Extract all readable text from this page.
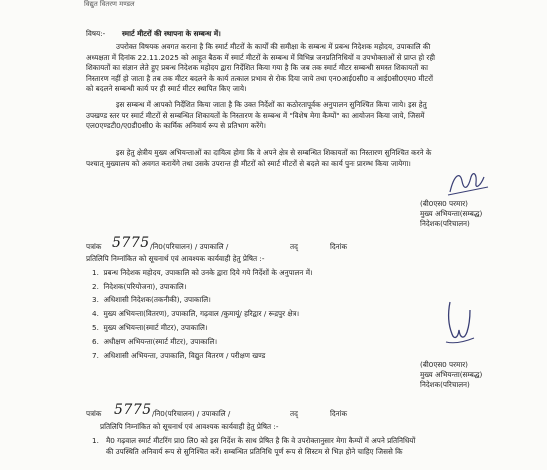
विद्युत वितरण मण्डल
विषय:- स्मार्ट मीटरों की स्थापना के सम्बन्ध में।
उपरोक्त विषयक अवगत कराना है कि स्मार्ट मीटरों के कार्यों की समीक्षा के सम्बन्ध में प्रबन्ध निदेशक महोदय, उपाकालि की
अध्यक्षता में दिनांक 22.11.2025 को आहूत बैठक में स्मार्ट मीटरों के सम्बन्ध में विभिन्न जनप्रतिनिधियों व उपभोक्ताओं से प्राप्त हो रही
शिकायतों का संज्ञान लेते हुए प्रबन्ध निदेशक महोदय द्वारा निर्देशित किया गया है कि जब तक स्मार्ट मीटर सम्बन्धी समस्त शिकायतों का
निस्तारण नहीं हो जाता है तब तक मीटर बदलने के कार्य तत्काल प्रभाव से रोक दिया जाये तथा एन0आई0सी0 व आई0सी0एम0 मीटरों
को बदलने सम्बन्धी कार्य पर ही स्मार्ट मीटर स्थापित किए जाये।
इस सम्बन्ध में आपको निर्देशित किया जाता है कि उक्त निर्देशों का कठोरतापूर्वक अनुपालन सुनिश्चित किया जाये। इस हेतु
उपखण्ड स्तर पर स्मार्ट मीटरों से सम्बन्धित शिकायतों के निस्तारण के सम्बन्ध में "विशेष मेगा कैम्पों" का आयोजन किया जाये, जिसमें
एल0एण्डटी0/ए0डी0सी0 के कार्मिक अनिवार्य रूप से प्रतिभाग करेंगे।
इस हेतु क्षेत्रीय मुख्य अभियन्ताओं का दायित्व होगा कि वे अपने क्षेत्र से सम्बन्धित शिकायतों का निस्तारण सुनिश्चित करने के
पश्चात् मुख्यालय को अवगत करायेंगे तथा उसके उपरान्त ही मीटरों को स्मार्ट मीटरों से बदले का कार्य पुनः प्रारम्भ किया जायेगा।
(बी0एस0 परमार)
मुख्य अभियन्ता(सम्बद्ध)
निदेशक(परिचालन)
पत्रांक 5775 /नि0(परिचालन) / उपाकालि /	तद्	दिनांक
प्रतिलिपि निम्नांकित को सूचनार्थ एवं आवश्यक कार्यवाही हेतु प्रेषित :-
1. प्रबन्ध निदेशक महोदय, उपाकालि को उनके द्वारा दिये गये निर्देशों के अनुपालन में।
2. निदेशक(परियोजना), उपाकालि।
3. अधिशासी निदेशक(तकनीकी), उपाकालि।
4. मुख्य अभियन्ता(वितरण), उपाकालि, गढ़वाल /कुमायूं/ हरिद्वार / रूद्रपुर क्षेत्र।
5. मुख्य अभियन्ता(स्मार्ट मीटर), उपाकालि।
6. अधीक्षण अभियन्ता(स्मार्ट मीटर), उपाकालि।
7. अधिशासी अभियन्ता, उपाकालि, विद्युत वितरण / परीक्षण खण्ड
(बी0एस0 परमार)
मुख्य अभियन्ता(सम्बद्ध)
निदेशक(परिचालन)
पत्रांक 5775 /नि0(परिचालन) / उपाकालि /	तद्	दिनांक
प्रतिलिपि निम्नांकित को सूचनार्थ एवं आवश्यक कार्यवाही हेतु प्रेषित :-
1. मै0 गढ़वाल स्मार्ट मीटरिंग प्रा0 लि0 को इस निर्देश के साथ प्रेषित है कि वे उपरोक्तानुसार मेगा कैम्पों में अपने प्रतिनिधियों
की उपस्थिति अनिवार्य रूप से सुनिश्चित करें। सम्बन्धित प्रतिनिधि पूर्ण रूप से सिस्टम से भिज्ञ होने चाहिए जिससे कि
